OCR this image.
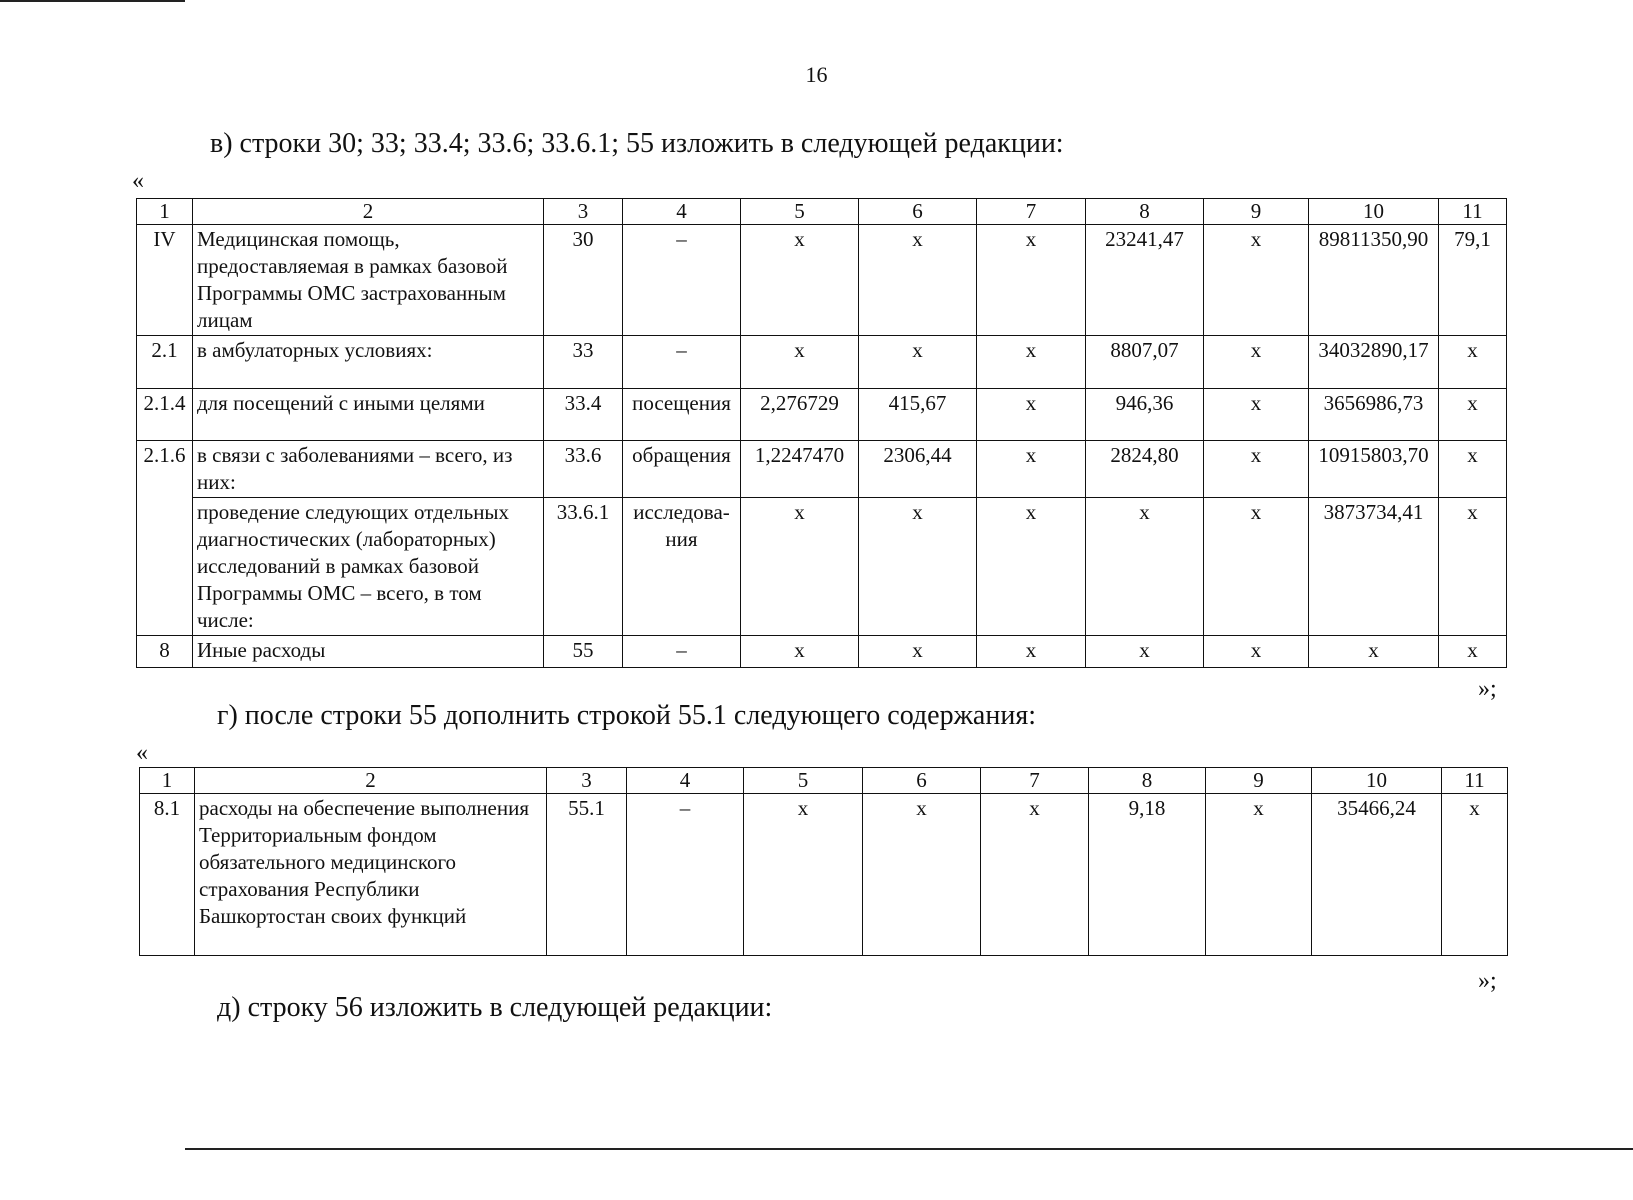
16
в) строки 30; 33; 33.4; 33.6; 33.6.1; 55 изложить в следующей редакции:
«
1	2	3	4	5	6	7	8	9	10	11
IV	Медицинская помощь, предоставляемая в рамках базовой Программы ОМС застрахованным лицам	30	–	х	х	х	23241,47	х	89811350,90	79,1
2.1	в амбулаторных условиях:	33	–	х	х	х	8807,07	х	34032890,17	х
2.1.4	для посещений с иными целями	33.4	посещения	2,276729	415,67	х	946,36	х	3656986,73	х
2.1.6	в связи с заболеваниями – всего, из них:	33.6	обращения	1,2247470	2306,44	х	2824,80	х	10915803,70	х
	проведение следующих отдельных диагностических (лабораторных) исследований в рамках базовой Программы ОМС – всего, в том числе:	33.6.1	исследова-ния	х	х	х	х	х	3873734,41	х
8	Иные расходы	55	–	х	х	х	х	х	х	х
»;
г) после строки 55 дополнить строкой 55.1 следующего содержания:
«
1	2	3	4	5	6	7	8	9	10	11
8.1	расходы на обеспечение выполнения Территориальным фондом обязательного медицинского страхования Республики Башкортостан своих функций	55.1	–	х	х	х	9,18	х	35466,24	х
»;
д) строку 56 изложить в следующей редакции:
